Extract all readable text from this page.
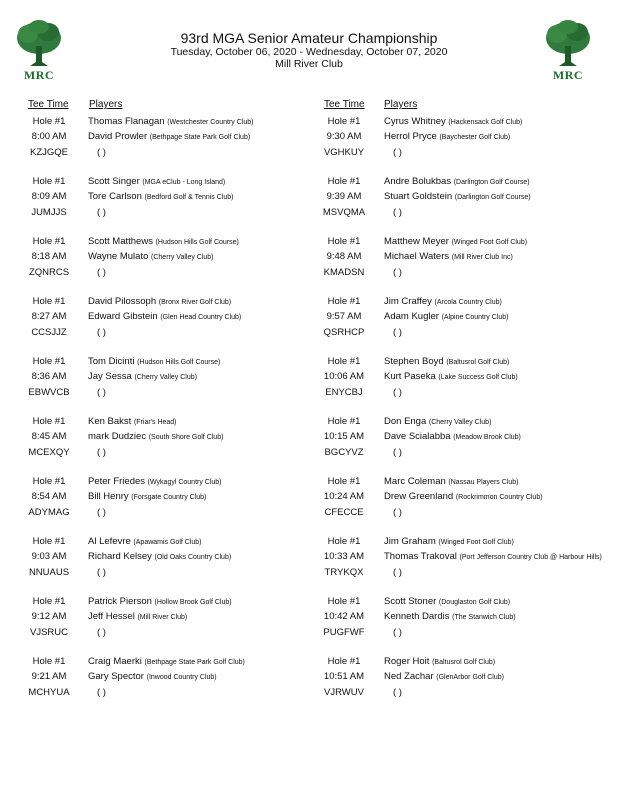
MRC	MRC
93rd MGA Senior Amateur Championship
Tuesday, October 06, 2020 - Wednesday, October 07, 2020
Mill River Club
Tee Time Players	Tee Time Players
Hole #1
8:00 AM
KZJGQE
Thomas Flanagan (Westchester Country Club)
David Prowler (Bethpage State Park Golf Club)
( )
Hole #1
8:09 AM
JUMJJS
Scott Singer (MGA eClub - Long Island)
Tore Carlson (Bedford Golf & Tennis Club)
( )
Hole #1
8:18 AM
ZQNRCS
Scott Matthews (Hudson Hills Golf Course)
Wayne Mulato (Cherry Valley Club)
( )
Hole #1
8:27 AM
CCSJJZ
David Pilossoph (Bronx River Golf Club)
Edward Gibstein (Glen Head Country Club)
( )
Hole #1
8:36 AM
EBWVCB
Tom Dicinti (Hudson Hills Golf Course)
Jay Sessa (Cherry Valley Club)
( )
Hole #1
8:45 AM
MCEXQY
Ken Bakst (Friar's Head)
mark Dudziec (South Shore Golf Club)
( )
Hole #1
8:54 AM
ADYMAG
Peter Friedes (Wykagyl Country Club)
Bill Henry (Forsgate Country Club)
( )
Hole #1
9:03 AM
NNUAUS
Al Lefevre (Apawamis Golf Club)
Richard Kelsey (Old Oaks Country Club)
( )
Hole #1
9:12 AM
VJSRUC
Patrick Pierson (Hollow Brook Golf Club)
Jeff Hessel (Mill River Club)
( )
Hole #1
9:21 AM
MCHYUA
Craig Maerki (Bethpage State Park Golf Club)
Gary Spector (Inwood Country Club)
( )
Hole #1
9:30 AM
VGHKUY
Cyrus Whitney (Hackensack Golf Club)
Herrol Pryce (Baychester Golf Club)
( )
Hole #1
9:39 AM
MSVQMA
Andre Bolukbas (Darlington Golf Course)
Stuart Goldstein (Darlington Golf Course)
( )
Hole #1
9:48 AM
KMADSN
Matthew Meyer (Winged Foot Golf Club)
Michael Waters (Mill River Club Inc)
( )
Hole #1
9:57 AM
QSRHCP
Jim Craffey (Arcola Country Club)
Adam Kugler (Alpine Country Club)
( )
Hole #1
10:06 AM
ENYCBJ
Stephen Boyd (Baltusrol Golf Club)
Kurt Paseka (Lake Success Golf Club)
( )
Hole #1
10:15 AM
BGCYVZ
Don Enga (Cherry Valley Club)
Dave Scialabba (Meadow Brook Club)
( )
Hole #1
10:24 AM
CFECCE
Marc Coleman (Nassau Players Club)
Drew Greenland (Rockrimmon Country Club)
( )
Hole #1
10:33 AM
TRYKQX
Jim Graham (Winged Foot Golf Club)
Thomas Trakoval (Port Jefferson Country Club @ Harbour Hills)
( )
Hole #1
10:42 AM
PUGFWF
Scott Stoner (Douglaston Golf Club)
Kenneth Dardis (The Stanwich Club)
( )
Hole #1
10:51 AM
VJRWUV
Roger Hoit (Baltusrol Golf Club)
Ned Zachar (GlenArbor Golf Club)
( )
